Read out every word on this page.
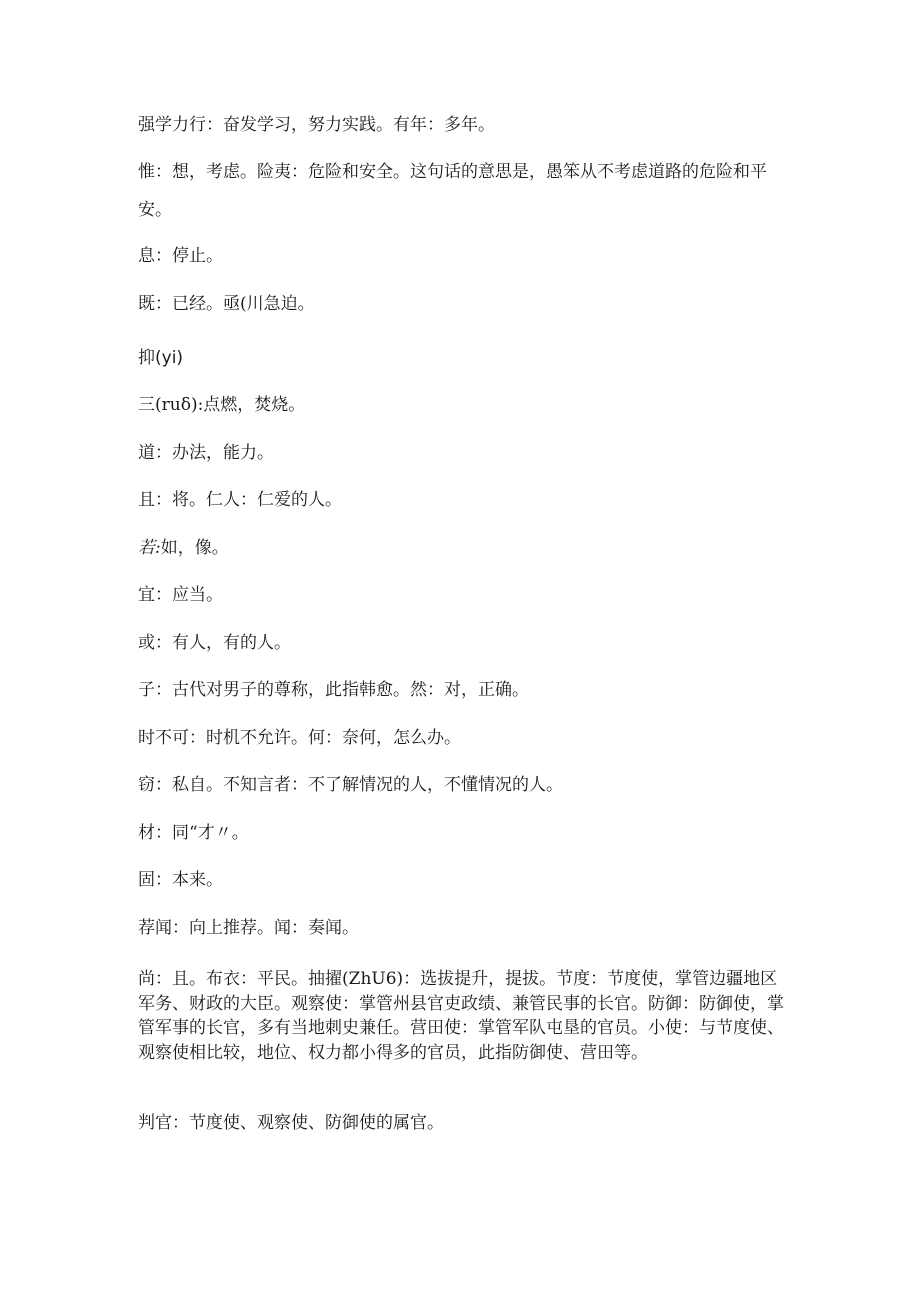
强学力行：奋发学习，努力实践。有年：多年。
惟：想，考虑。险夷：危险和安全。这句话的意思是，愚笨从不考虑道路的危险和平安。
息：停止。
既：已经。亟(川急迫。
抑(yi)
三(ruδ):点燃，焚烧。
道：办法，能力。
且：将。仁人：仁爱的人。
若:如，像。
宜：应当。
或：有人，有的人。
子：古代对男子的尊称，此指韩愈。然：对，正确。
时不可：时机不允许。何：奈何，怎么办。
窃：私自。不知言者：不了解情况的人，不懂情况的人。
材：同“才〃。
固：本来。
荐闻：向上推荐。闻：奏闻。
尚：且。布衣：平民。抽擢(ZhU6)：选拔提升，提拔。节度：节度使，掌管边疆地区军务、财政的大臣。观察使：掌管州县官吏政绩、兼管民事的长官。防御：防御使，掌管军事的长官，多有当地刺史兼任。营田使：掌管军队屯垦的官员。小使：与节度使、观察使相比较，地位、权力都小得多的官员，此指防御使、营田等。
判官：节度使、观察使、防御使的属官。
